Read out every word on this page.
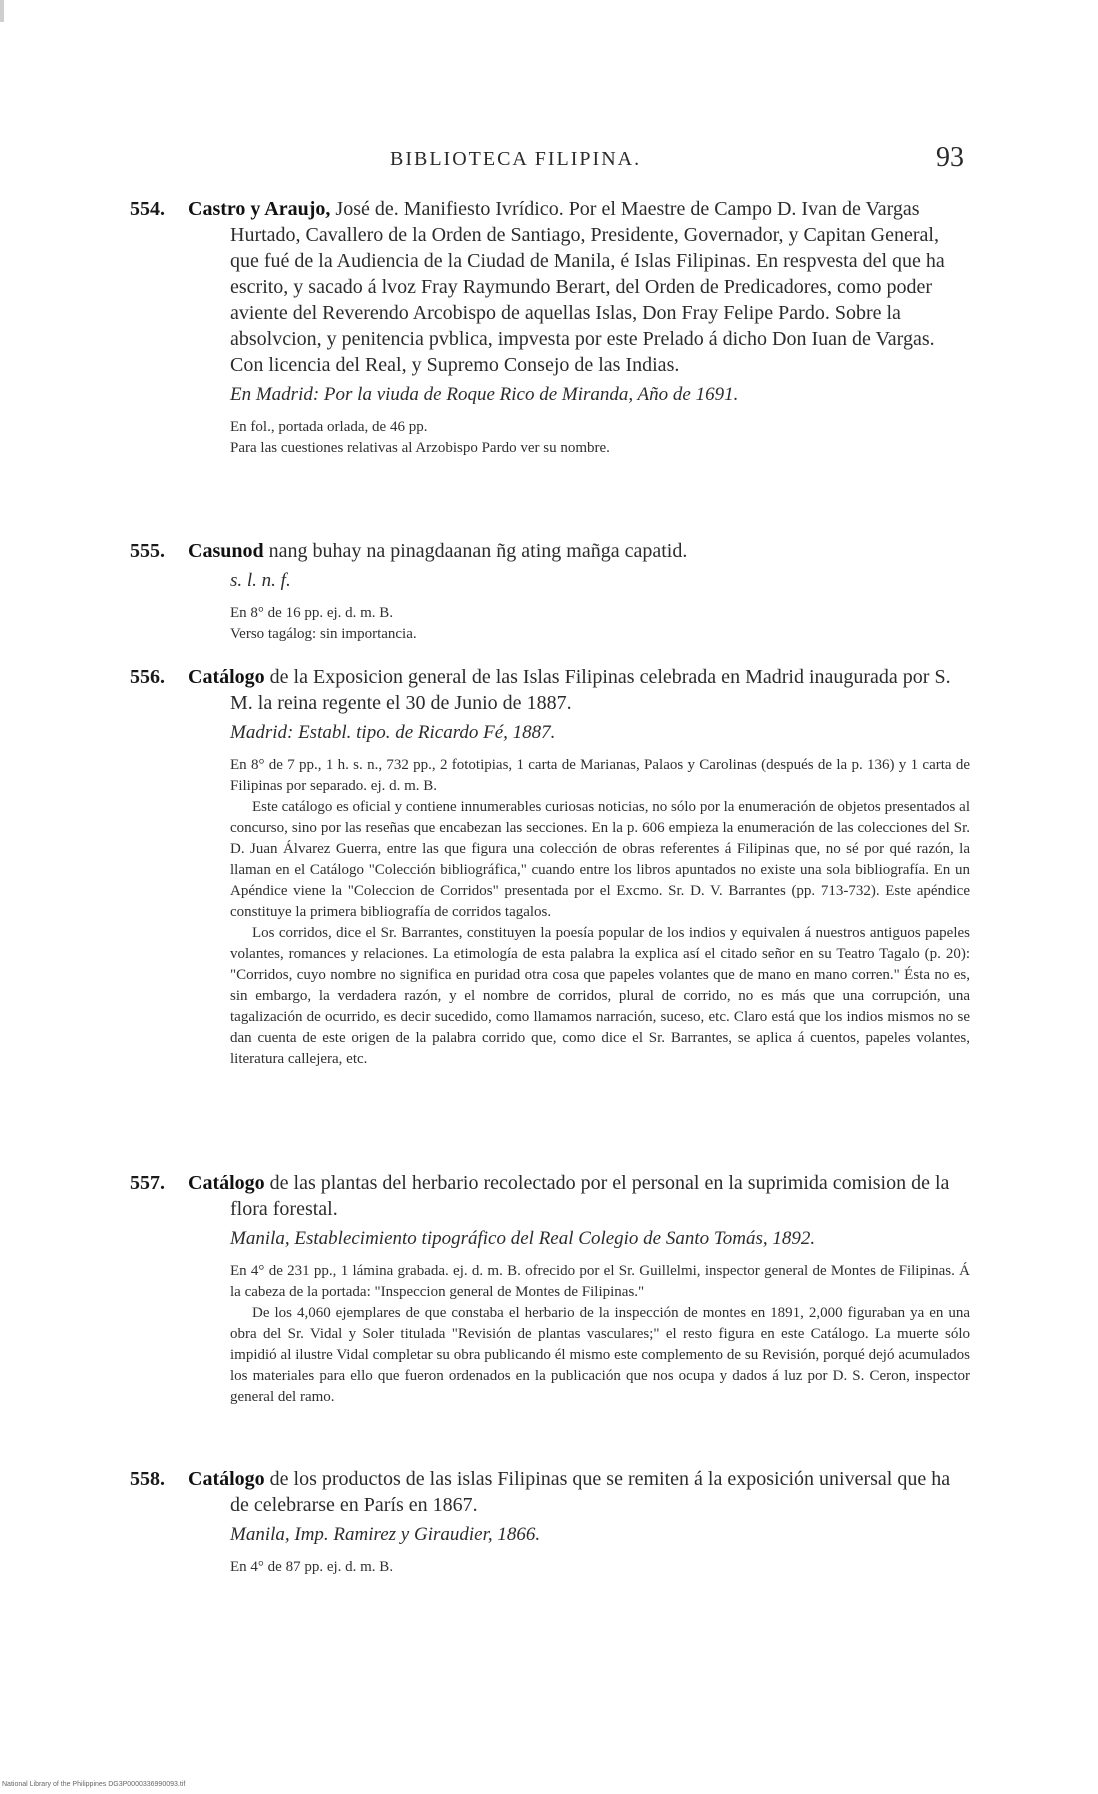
BIBLIOTECA FILIPINA.	93

554. Castro y Araujo, José de. Manifiesto Ivrídico. Por el Maestre de Campo D. Ivan de Vargas Hurtado, Cavallero de la Orden de Santiago, Presidente, Governador, y Capitan General, que fué de la Audiencia de la Ciudad de Manila, é Islas Filipinas. En respvesta del que ha escrito, y sacado á lvoz Fray Raymundo Berart, del Orden de Predicadores, como poder aviente del Reverendo Arcobispo de aquellas Islas, Don Fray Felipe Pardo. Sobre la absolvcion, y penitencia pvblica, impvesta por este Prelado á dicho Don Iuan de Vargas. Con licencia del Real, y Supremo Consejo de las Indias.

En Madrid: Por la viuda de Roque Rico de Miranda, Año de 1691.

En fol., portada orlada, de 46 pp.

Para las cuestiones relativas al Arzobispo Pardo ver su nombre.

555. Casunod nang buhay na pinagdaanan ñg ating mañga capatid.

s. l. n. f.

En 8° de 16 pp. ej. d. m. B.

Verso tagálog: sin importancia.

556. Catálogo de la Exposicion general de las Islas Filipinas celebrada en Madrid inaugurada por S. M. la reina regente el 30 de Junio de 1887.

Madrid: Establ. tipo. de Ricardo Fé, 1887.

En 8° de 7 pp., 1 h. s. n., 732 pp., 2 fototipias, 1 carta de Marianas, Palaos y Carolinas (después de la p. 136) y 1 carta de Filipinas por separado. ej. d. m. B.

Este catálogo es oficial y contiene innumerables curiosas noticias, no sólo por la enumeración de objetos presentados al concurso, sino por las reseñas que encabezan las secciones. En la p. 606 empieza la enumeración de las colecciones del Sr. D. Juan Álvarez Guerra, entre las que figura una colección de obras referentes á Filipinas que, no sé por qué razón, la llaman en el Catálogo "Colección bibliográfica," cuando entre los libros apuntados no existe una sola bibliografía. En un Apéndice viene la "Coleccion de Corridos" presentada por el Excmo. Sr. D. V. Barrantes (pp. 713-732). Este apéndice constituye la primera bibliografía de corridos tagalos.

Los corridos, dice el Sr. Barrantes, constituyen la poesía popular de los indios y equivalen á nuestros antiguos papeles volantes, romances y relaciones. La etimología de esta palabra la explica así el citado señor en su Teatro Tagalo (p. 20): "Corridos, cuyo nombre no significa en puridad otra cosa que papeles volantes que de mano en mano corren." Ésta no es, sin embargo, la verdadera razón, y el nombre de corridos, plural de corrido, no es más que una corrupción, una tagalización de ocurrido, es decir sucedido, como llamamos narración, suceso, etc. Claro está que los indios mismos no se dan cuenta de este origen de la palabra corrido que, como dice el Sr. Barrantes, se aplica á cuentos, papeles volantes, literatura callejera, etc.

557. Catálogo de las plantas del herbario recolectado por el personal en la suprimida comision de la flora forestal.

Manila, Establecimiento tipográfico del Real Colegio de Santo Tomás, 1892.

En 4° de 231 pp., 1 lámina grabada. ej. d. m. B. ofrecido por el Sr. Guillelmi, inspector general de Montes de Filipinas. Á la cabeza de la portada: "Inspeccion general de Montes de Filipinas."

De los 4,060 ejemplares de que constaba el herbario de la inspección de montes en 1891, 2,000 figuraban ya en una obra del Sr. Vidal y Soler titulada "Revisión de plantas vasculares;" el resto figura en este Catálogo. La muerte sólo impidió al ilustre Vidal completar su obra publicando él mismo este complemento de su Revisión, porqué dejó acumulados los materiales para ello que fueron ordenados en la publicación que nos ocupa y dados á luz por D. S. Ceron, inspector general del ramo.

558. Catálogo de los productos de las islas Filipinas que se remiten á la exposición universal que ha de celebrarse en París en 1867.

Manila, Imp. Ramirez y Giraudier, 1866.

En 4° de 87 pp. ej. d. m. B.

National Library of the Philippines DG3P0000336990093.tif
